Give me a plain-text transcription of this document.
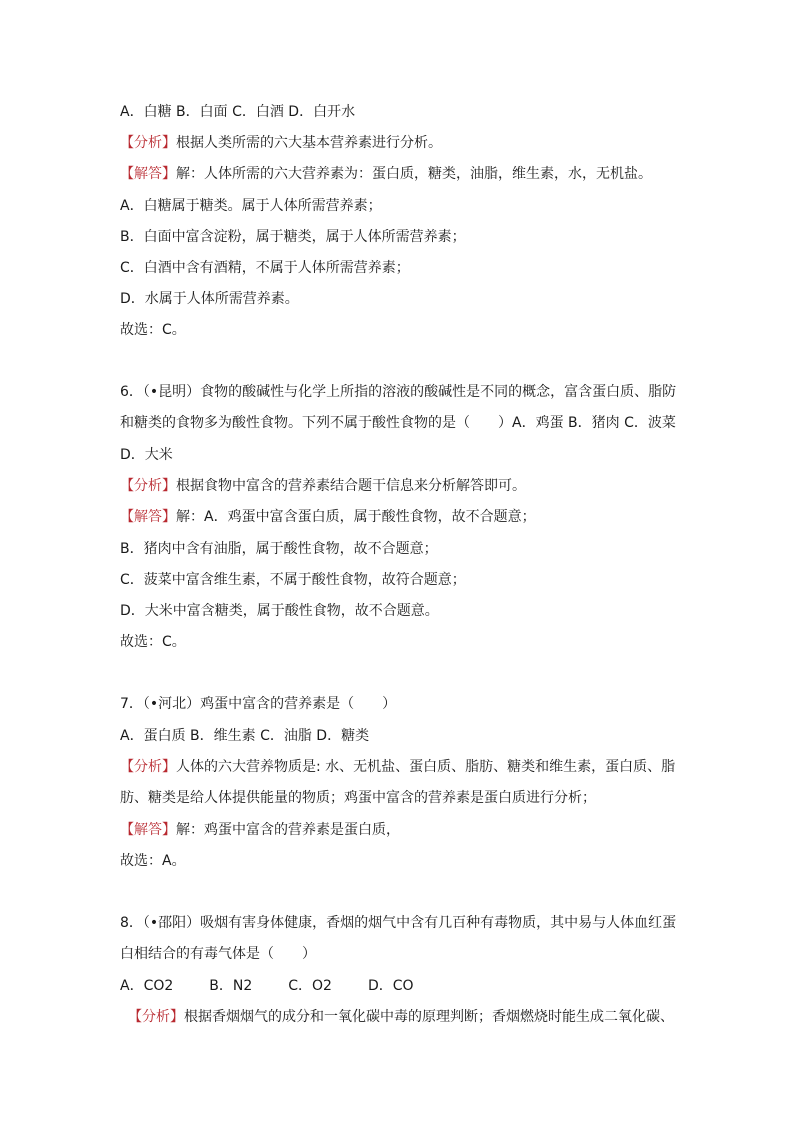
A．白糖 B．白面 C．白酒 D．白开水
【分析】根据人类所需的六大基本营养素进行分析。
【解答】解：人体所需的六大营养素为：蛋白质，糖类，油脂，维生素，水，无机盐。
A．白糖属于糖类。属于人体所需营养素；
B．白面中富含淀粉，属于糖类，属于人体所需营养素；
C．白酒中含有酒精，不属于人体所需营养素；
D．水属于人体所需营养素。
故选：C。
6．（•昆明）食物的酸碱性与化学上所指的溶液的酸碱性是不同的概念，富含蛋白质、脂防
和糖类的食物多为酸性食物。下列不属于酸性食物的是（　　）A．鸡蛋 B．猪肉 C．波菜
D．大米
【分析】根据食物中富含的营养素结合题干信息来分析解答即可。
【解答】解：A．鸡蛋中富含蛋白质，属于酸性食物，故不合题意；
B．猪肉中含有油脂，属于酸性食物，故不合题意；
C．菠菜中富含维生素，不属于酸性食物，故符合题意；
D．大米中富含糖类，属于酸性食物，故不合题意。
故选：C。
7．（•河北）鸡蛋中富含的营养素是（　　）
A．蛋白质 B．维生素 C．油脂 D．糖类
【分析】人体的六大营养物质是: 水、无机盐、蛋白质、脂肪、糖类和维生素，蛋白质、脂
肪、糖类是给人体提供能量的物质；鸡蛋中富含的营养素是蛋白质进行分析；
【解答】解：鸡蛋中富含的营养素是蛋白质，
故选：A。
8．（•邵阳）吸烟有害身体健康，香烟的烟气中含有几百种有毒物质，其中易与人体血红蛋
白相结合的有毒气体是（　　）
A．CO2	B．N2	C．O2	D．CO
【分析】根据香烟烟气的成分和一氧化碳中毒的原理判断；香烟燃烧时能生成二氧化碳、
